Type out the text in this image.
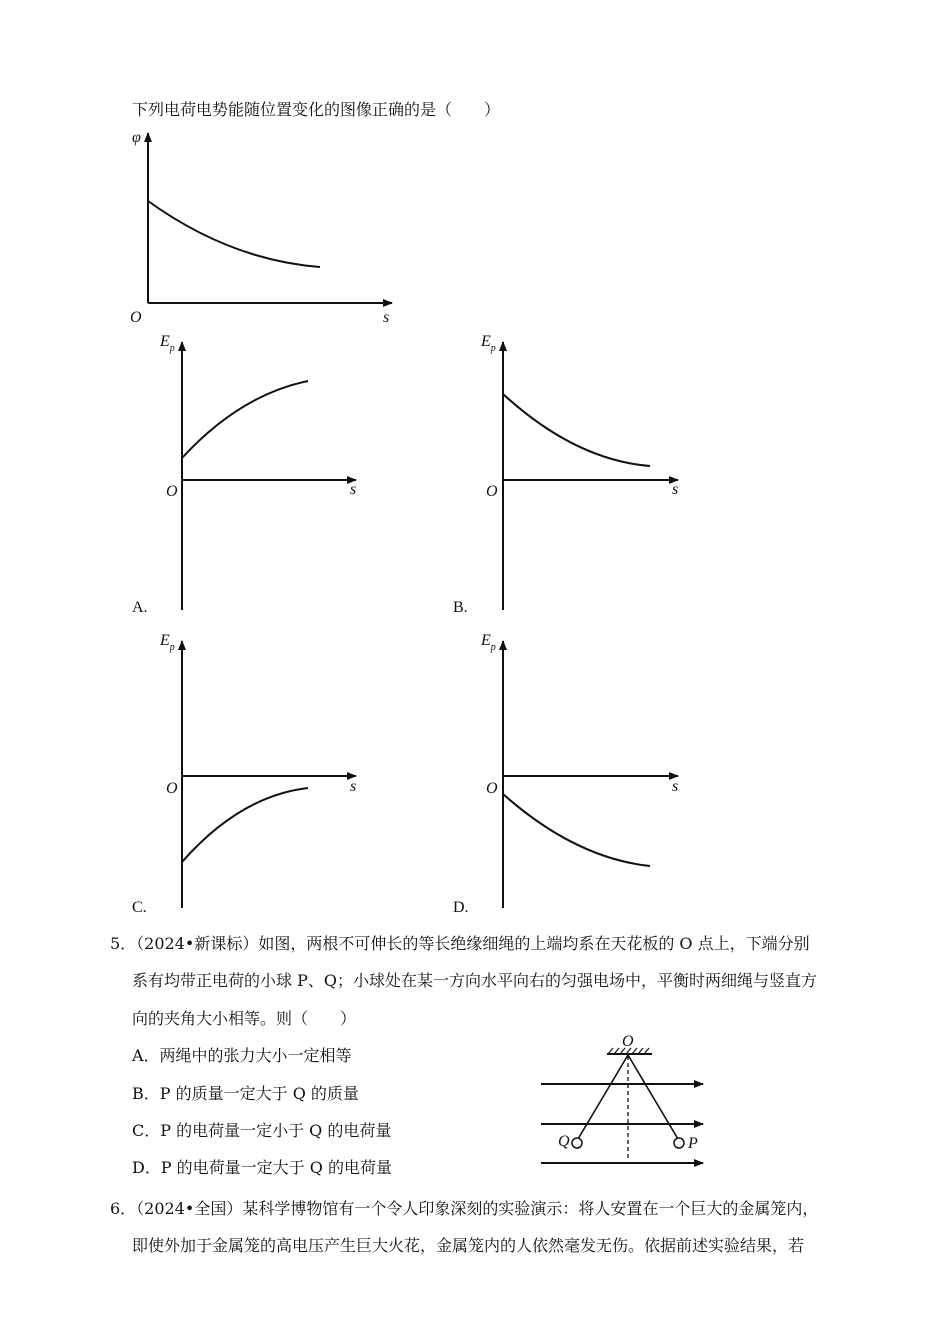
下列电荷电势能随位置变化的图像正确的是（　　）
φ
O	s
$E_p$
O	s
A.
$E_p$
O	s
B.
$E_p$
O	s
C.
$E_p$
O	s
D.
5．（2024•新课标）如图，两根不可伸长的等长绝缘细绳的上端均系在天花板的 O 点上，下端分别
系有均带正电荷的小球 P、Q；小球处在某一方向水平向右的匀强电场中，平衡时两细绳与竖直方
向的夹角大小相等。则（　　）
A．两绳中的张力大小一定相等
B．P 的质量一定大于 Q 的质量
C．P 的电荷量一定小于 Q 的电荷量
D．P 的电荷量一定大于 Q 的电荷量
O
Q	P
6．（2024•全国）某科学博物馆有一个令人印象深刻的实验演示：将人安置在一个巨大的金属笼内，
即使外加于金属笼的高电压产生巨大火花，金属笼内的人依然毫发无伤。依据前述实验结果，若
